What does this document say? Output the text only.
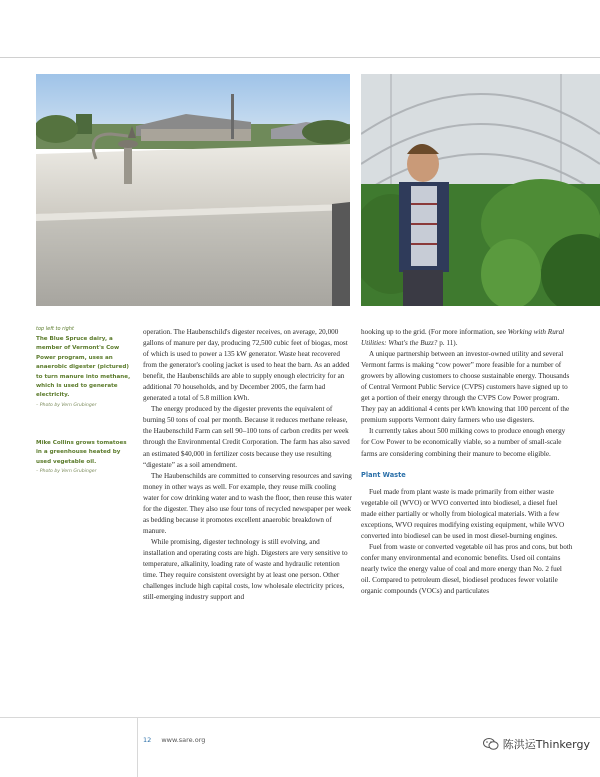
top left to right
The Blue Spruce dairy, a member of Vermont's Cow Power program, uses an anaerobic digester (pictured) to turn manure into methane, which is used to generate electricity.
– Photo by Vern Grubinger
Mike Collins grows tomatoes in a greenhouse heated by used vegetable oil.
– Photo by Vern Grubinger

operation. The Haubenschild's digester receives, on average, 20,000 gallons of manure per day, producing 72,500 cubic feet of biogas, most of which is used to power a 135 kW generator. Waste heat recovered from the generator's cooling jacket is used to heat the barn. As an added benefit, the Haubenschilds are able to supply enough electricity for an additional 70 households, and by December 2005, the farm had generated a total of 5.8 million kWh.

The energy produced by the digester prevents the equivalent of burning 50 tons of coal per month. Because it reduces methane release, the Haubenschild Farm can sell 90–100 tons of carbon credits per week through the Environmental Credit Corporation. The farm has also saved an estimated $40,000 in fertilizer costs because they use resulting “digestate” as a soil amendment.

The Haubenschilds are committed to conserving resources and saving money in other ways as well. For example, they reuse milk cooling water for cow drinking water and to wash the floor, then reuse this water for the digester. They also use four tons of recycled newspaper per week as bedding because it promotes excellent anaerobic breakdown of manure.

While promising, digester technology is still evolving, and installation and operating costs are high. Digesters are very sensitive to temperature, alkalinity, loading rate of waste and hydraulic retention time. They require consistent oversight by at least one person. Other challenges include high capital costs, low wholesale electricity prices, still-emerging industry support and

hooking up to the grid. (For more information, see Working with Rural Utilities: What's the Buzz? p. 11).

A unique partnership between an investor-owned utility and several Vermont farms is making “cow power” more feasible for a number of growers by allowing customers to choose sustainable energy. Thousands of Central Vermont Public Service (CVPS) customers have signed up to get a portion of their energy through the CVPS Cow Power program. They pay an additional 4 cents per kWh knowing that 100 percent of the premium supports Vermont dairy farmers who use digesters.

It currently takes about 500 milking cows to produce enough energy for Cow Power to be economically viable, so a number of small-scale farms are considering combining their manure to become eligible.

Plant Waste

Fuel made from plant waste is made primarily from either waste vegetable oil (WVO) or WVO converted into biodiesel, a diesel fuel made either partially or wholly from biological materials. With a few exceptions, WVO requires modifying existing equipment, while WVO converted into biodiesel can be used in most diesel-burning engines.

Fuel from waste or converted vegetable oil has pros and cons, but both confer many environmental and economic benefits. Used oil contains nearly twice the energy value of coal and more energy than No. 2 fuel oil. Compared to petroleum diesel, biodiesel produces fewer volatile organic compounds (VOCs) and particulates

12 www.sare.org	陈洪运Thinkergy
